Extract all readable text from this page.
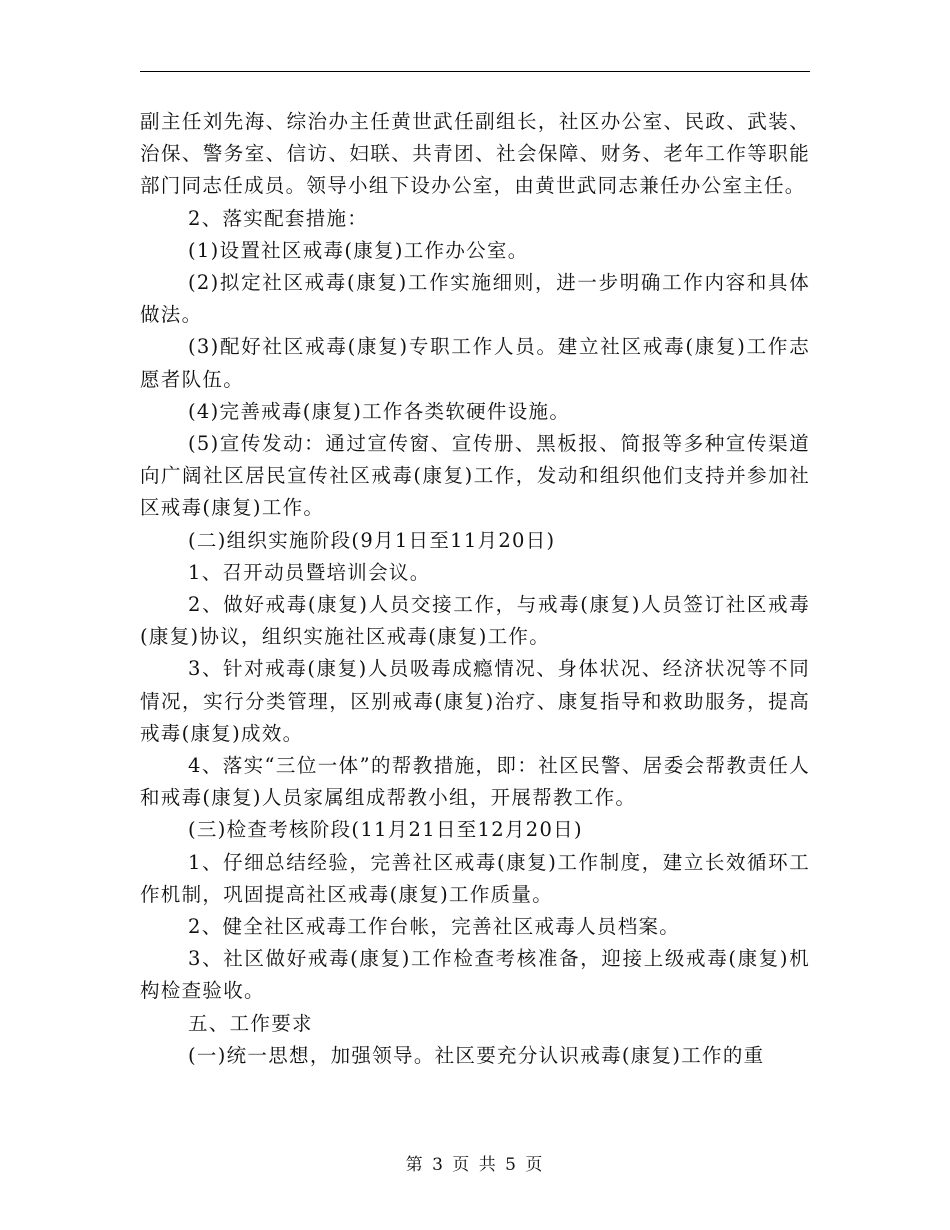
副主任刘先海、综治办主任黄世武任副组长，社区办公室、民政、武装、治保、警务室、信访、妇联、共青团、社会保障、财务、老年工作等职能部门同志任成员。领导小组下设办公室，由黄世武同志兼任办公室主任。

2、落实配套措施：

(1)设置社区戒毒(康复)工作办公室。

(2)拟定社区戒毒(康复)工作实施细则，进一步明确工作内容和具体做法。

(3)配好社区戒毒(康复)专职工作人员。建立社区戒毒(康复)工作志愿者队伍。

(4)完善戒毒(康复)工作各类软硬件设施。

(5)宣传发动：通过宣传窗、宣传册、黑板报、简报等多种宣传渠道向广阔社区居民宣传社区戒毒(康复)工作，发动和组织他们支持并参加社区戒毒(康复)工作。

(二)组织实施阶段(9月1日至11月20日)

1、召开动员暨培训会议。

2、做好戒毒(康复)人员交接工作，与戒毒(康复)人员签订社区戒毒(康复)协议，组织实施社区戒毒(康复)工作。

3、针对戒毒(康复)人员吸毒成瘾情况、身体状况、经济状况等不同情况，实行分类管理，区别戒毒(康复)治疗、康复指导和救助服务，提高戒毒(康复)成效。

4、落实“三位一体”的帮教措施，即：社区民警、居委会帮教责任人和戒毒(康复)人员家属组成帮教小组，开展帮教工作。

(三)检查考核阶段(11月21日至12月20日)

1、仔细总结经验，完善社区戒毒(康复)工作制度，建立长效循环工作机制，巩固提高社区戒毒(康复)工作质量。

2、健全社区戒毒工作台帐，完善社区戒毒人员档案。

3、社区做好戒毒(康复)工作检查考核准备，迎接上级戒毒(康复)机构检查验收。

五、工作要求

(一)统一思想，加强领导。社区要充分认识戒毒(康复)工作的重

第 3 页 共 5 页
